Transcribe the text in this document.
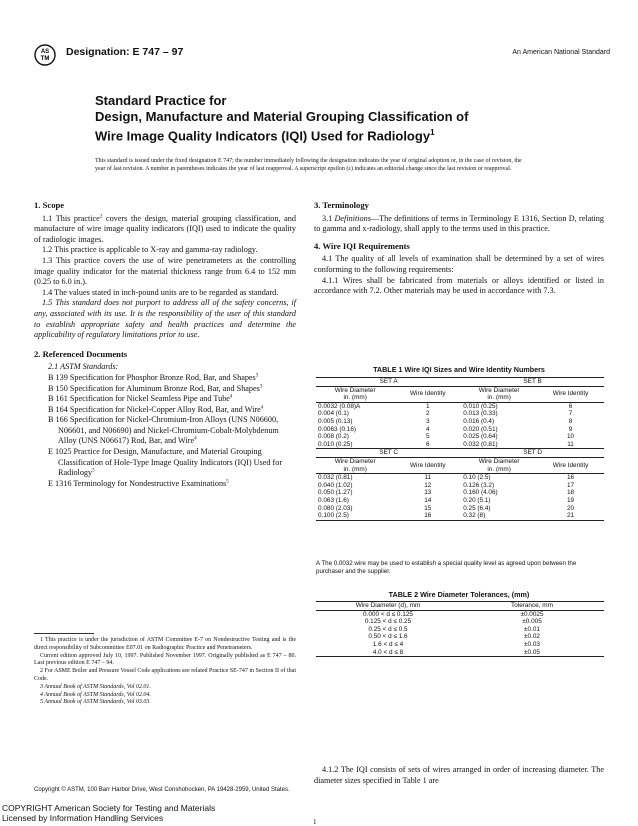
AS
TM
Designation: E 747 – 97	An American National Standard
Standard Practice for
Design, Manufacture and Material Grouping Classification of
Wire Image Quality Indicators (IQI) Used for Radiology$^1$
This standard is issued under the fixed designation E 747; the number immediately following the designation indicates the year of original adoption or, in the case of revision, the year of last revision. A number in parentheses indicates the year of last reapproval. A superscript epsilon (ε) indicates an editorial change since the last revision or reapproval.
1. Scope

1.1 This practice$^2$ covers the design, material grouping classification, and manufacture of wire image quality indicators (IQI) used to indicate the quality of radiologic images.

1.2 This practice is applicable to X-ray and gamma-ray radiology.

1.3 This practice covers the use of wire penetrameters as the controlling image quality indicator for the material thickness range from 6.4 to 152 mm (0.25 to 6.0 in.).

1.4 The values stated in inch-pound units are to be regarded as standard.

1.5 This standard does not purport to address all of the safety concerns, if any, associated with its use. It is the responsibility of the user of this standard to establish appropriate safety and health practices and determine the applicability of regulatory limitations prior to use.

2. Referenced Documents
2.1 ASTM Standards:
B 139 Specification for Phosphor Bronze Rod, Bar, and Shapes$^3$
B 150 Specification for Aluminum Bronze Rod, Bar, and Shapes$^3$
B 161 Specification for Nickel Seamless Pipe and Tube$^4$
B 164 Specification for Nickel-Copper Alloy Rod, Bar, and Wire$^4$
B 166 Specification for Nickel-Chromium-Iron Alloys (UNS N06600, N06601, and N06690) and Nickel-Chromium-Cobalt-Molybdenum Alloy (UNS N06617) Rod, Bar, and Wire$^4$
E 1025 Practice for Design, Manufacture, and Material Grouping Classification of Hole-Type Image Quality Indicators (IQI) Used for Radiology$^5$
E 1316 Terminology for Nondestructive Examinations$^5$

1 This practice is under the jurisdiction of ASTM Committee E-7 on Nondestructive Testing and is the direct responsibility of Subcommittee E07.01 on Radiographic Practice and Penetrameters.

Current edition approved July 10, 1997. Published November 1997. Originally published as E 747 – 80. Last previous edition E 747 – 94.

2 For ASME Boiler and Pressure Vessel Code applications see related Practice SE-747 in Section II of that Code.

3 Annual Book of ASTM Standards, Vol 02.01.

4 Annual Book of ASTM Standards, Vol 02.04.

5 Annual Book of ASTM Standards, Vol 03.03.

3. Terminology

3.1 Definitions—The definitions of terms in Terminology E 1316, Section D, relating to gamma and x-radiology, shall apply to the terms used in this practice.

4. Wire IQI Requirements

4.1 The quality of all levels of examination shall be determined by a set of wires conforming to the following requirements:

4.1.1 Wires shall be fabricated from materials or alloys identified or listed in accordance with 7.2. Other materials may be used in accordance with 7.3.

TABLE 1 Wire IQI Sizes and Wire Identity Numbers
SET A		SET B	
Wire Diameter
in. (mm)	Wire Identity	Wire Diameter
in. (mm)	Wire Identity
0.0032 (0.08)A	1	0.010 (0.25)	6
0.004 (0.1)	2	0.013 (0.33)	7
0.005 (0.13)	3	0.016 (0.4)	8
0.0063 (0.16)	4	0.020 (0.51)	9
0.008 (0.2)	5	0.025 (0.64)	10
0.010 (0.25)	6	0.032 (0.81)	11
SET C		SET D	
Wire Diameter
in. (mm)	Wire Identity	Wire Diameter
in. (mm)	Wire Identity
0.032 (0.81)	11	0.10 (2.5)	16
0.040 (1.02)	12	0.126 (3.2)	17
0.050 (1.27)	13	0.160 (4.06)	18
0.063 (1.6)	14	0.20 (5.1)	19
0.080 (2.03)	15	0.25 (6.4)	20
0.100 (2.5)	16	0.32 (8)	21
A The 0.0032 wire may be used to establish a special quality level as agreed upon between the purchaser and the supplier.
TABLE 2 Wire Diameter Tolerances, (mm)
Wire Diameter (d), mm	Tolerance, mm
0.000 < d ≤ 0.125	±0.0025
0.125 < d ≤ 0.25	±0.005
0.25 < d ≤ 0.5	±0.01
0.50 < d ≤ 1.6	±0.02
1.6 < d ≤ 4	±0.03
4.0 < d ≤ 8	±0.05

4.1.2 The IQI consists of sets of wires arranged in order of increasing diameter. The diameter sizes specified in Table 1 are

Copyright © ASTM, 100 Barr Harbor Drive, West Conshohocken, PA 19428-2959, United States.
1
COPYRIGHT American Society for Testing and Materials
Licensed by Information Handling Services
